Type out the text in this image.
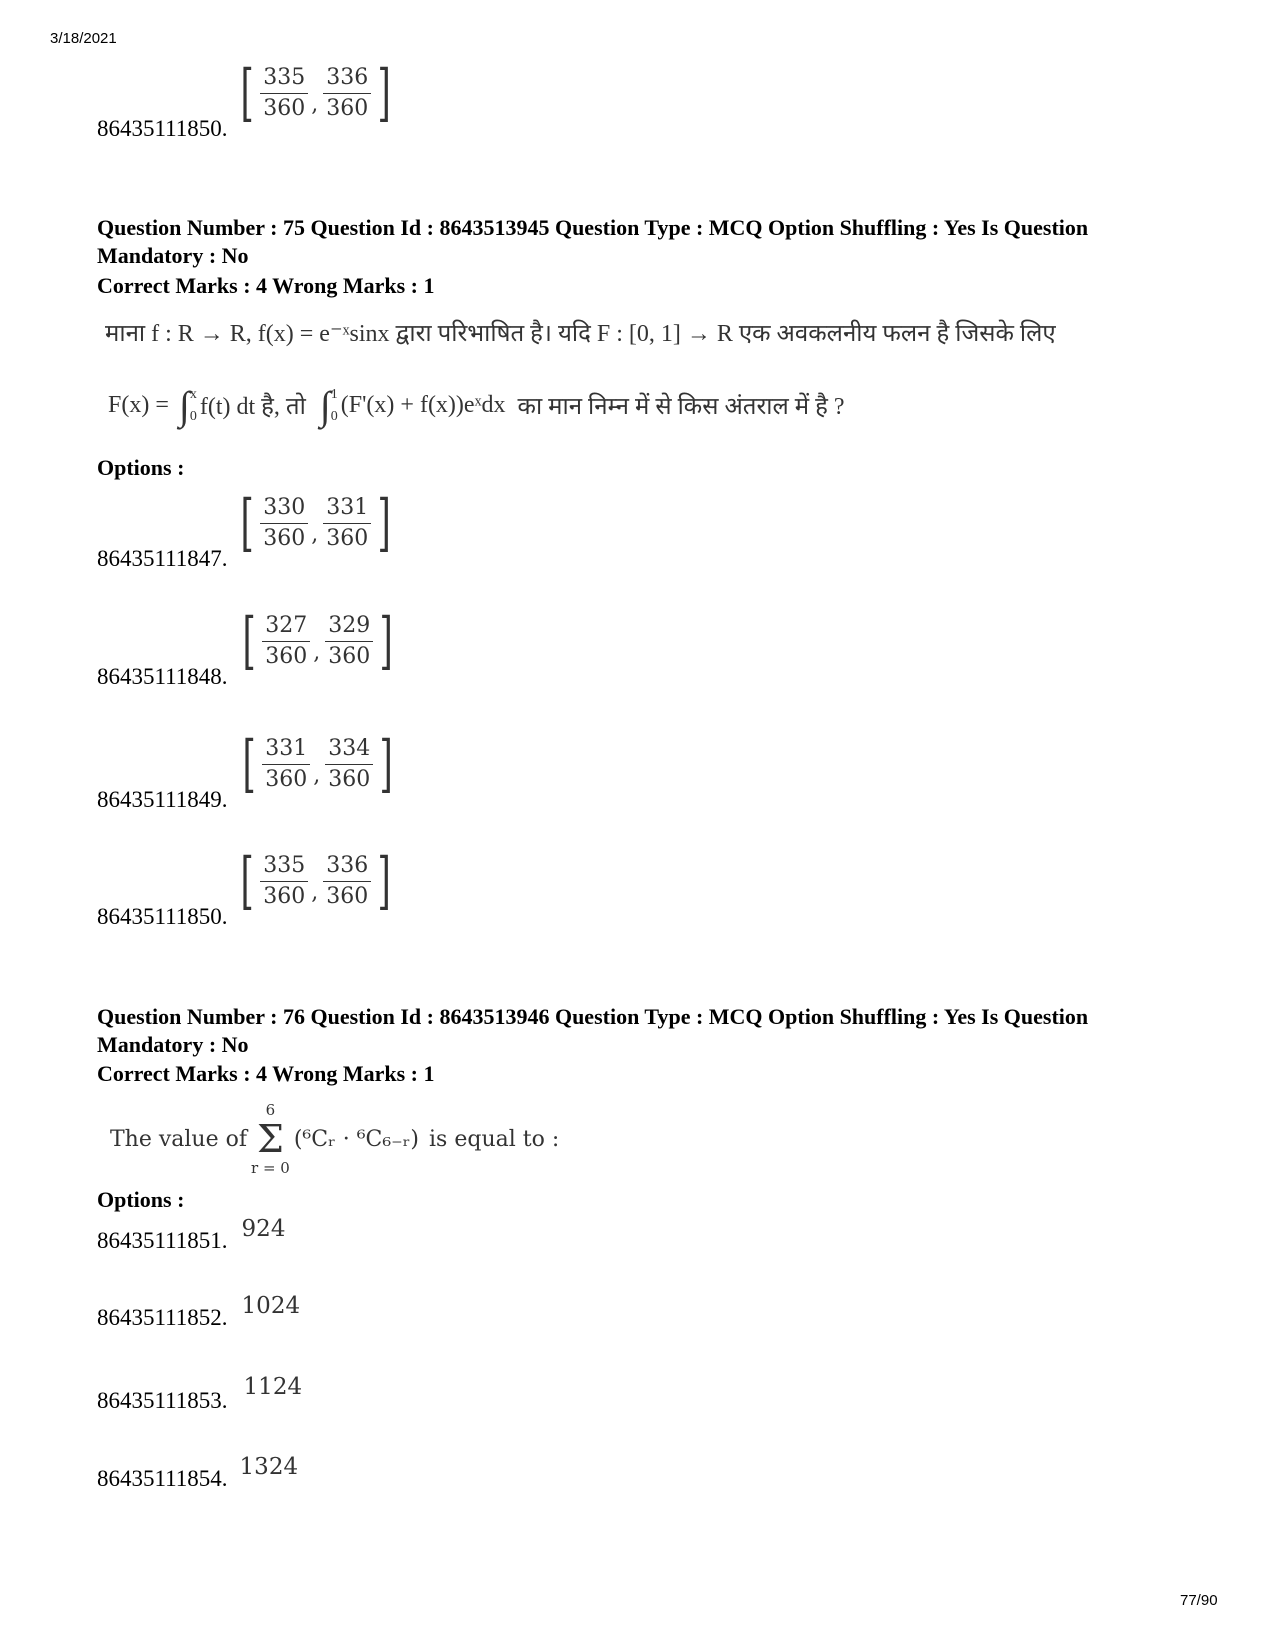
3/18/2021
86435111850. [ $\frac{335}{360}$ , $\frac{336}{360}$ ]
Question Number : 75 Question Id : 8643513945 Question Type : MCQ Option Shuffling : Yes Is Question Mandatory : No
Correct Marks : 4 Wrong Marks : 1
माना f : R → R, f(x) = e⁻ˣsinx द्वारा परिभाषित है। यदि F : [0, 1] → R एक अवकलनीय फलन है जिसके लिए
F(x) = ∫ x
0 f(t) dt है, तो ∫ 1
0 (F'(x) + f(x))eˣdx का मान निम्न में से किस अंतराल में है ?
Options :
86435111847. [ $\frac{330}{360}$ , $\frac{331}{360}$ ]
86435111848. [ $\frac{327}{360}$ , $\frac{329}{360}$ ]
86435111849. [ $\frac{331}{360}$ , $\frac{334}{360}$ ]
86435111850. [ $\frac{335}{360}$ , $\frac{336}{360}$ ]
Question Number : 76 Question Id : 8643513946 Question Type : MCQ Option Shuffling : Yes Is Question Mandatory : No
Correct Marks : 4 Wrong Marks : 1
The value of
6
Σ
r = 0
(⁶Cᵣ · ⁶C₆₋ᵣ) is equal to :
Options :
86435111851. 924
86435111852. 1024
86435111853. 1124
86435111854. 1324
77/90
